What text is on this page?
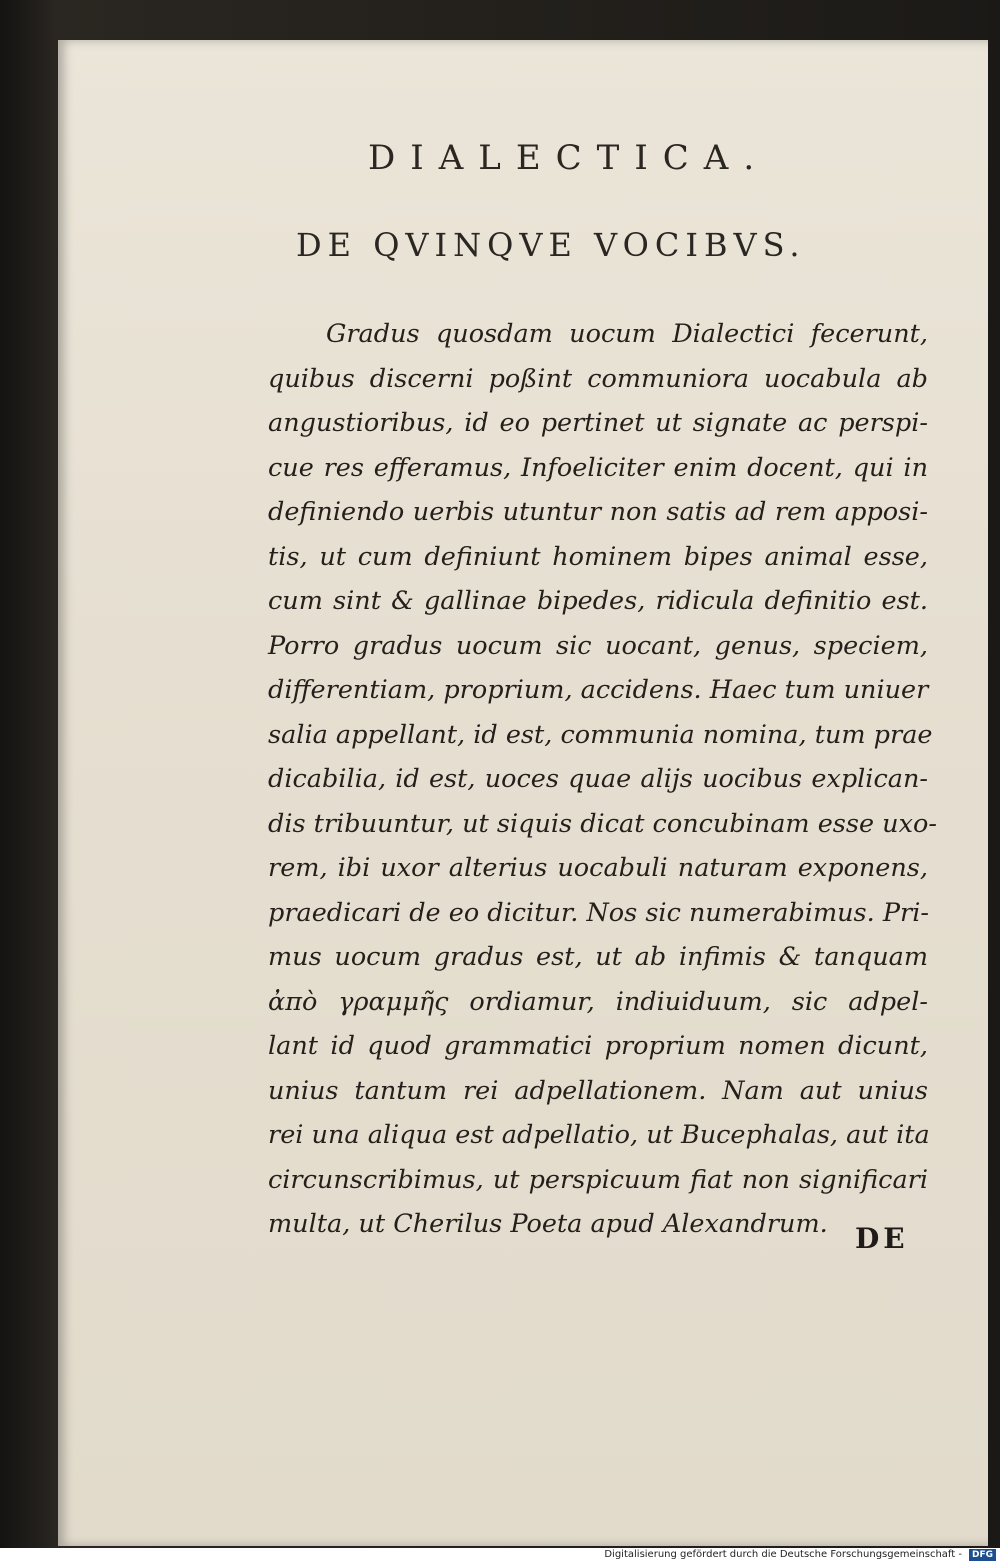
DIALECTICA.
DE QVINQVE VOCIBVS.
Gradus quosdam uocum Dialectici fecerunt,
quibus discerni poßint communiora uocabula ab
angustioribus, id eo pertinet ut signate ac perspi-
cue res efferamus, Infoeliciter enim docent, qui in
definiendo uerbis utuntur non satis ad rem apposi-
tis, ut cum definiunt hominem bipes animal esse,
cum sint & gallinae bipedes, ridicula definitio est.
Porro gradus uocum sic uocant, genus, speciem,
differentiam, proprium, accidens. Haec tum uniuer
salia appellant, id est, communia nomina, tum prae
dicabilia, id est, uoces quae alijs uocibus explican-
dis tribuuntur, ut siquis dicat concubinam esse uxo-
rem, ibi uxor alterius uocabuli naturam exponens,
praedicari de eo dicitur. Nos sic numerabimus. Pri-
mus uocum gradus est, ut ab infimis & tanquam
ἀπὸ γραμμῆς ordiamur, indiuiduum, sic adpel-
lant id quod grammatici proprium nomen dicunt,
unius tantum rei adpellationem. Nam aut unius
rei una aliqua est adpellatio, ut Bucephalas, aut ita
circunscribimus, ut perspicuum fiat non significari
multa, ut Cherilus Poeta apud Alexandrum. DE
Digitalisierung gefördert durch die Deutsche Forschungsgemeinschaft -	DFG
